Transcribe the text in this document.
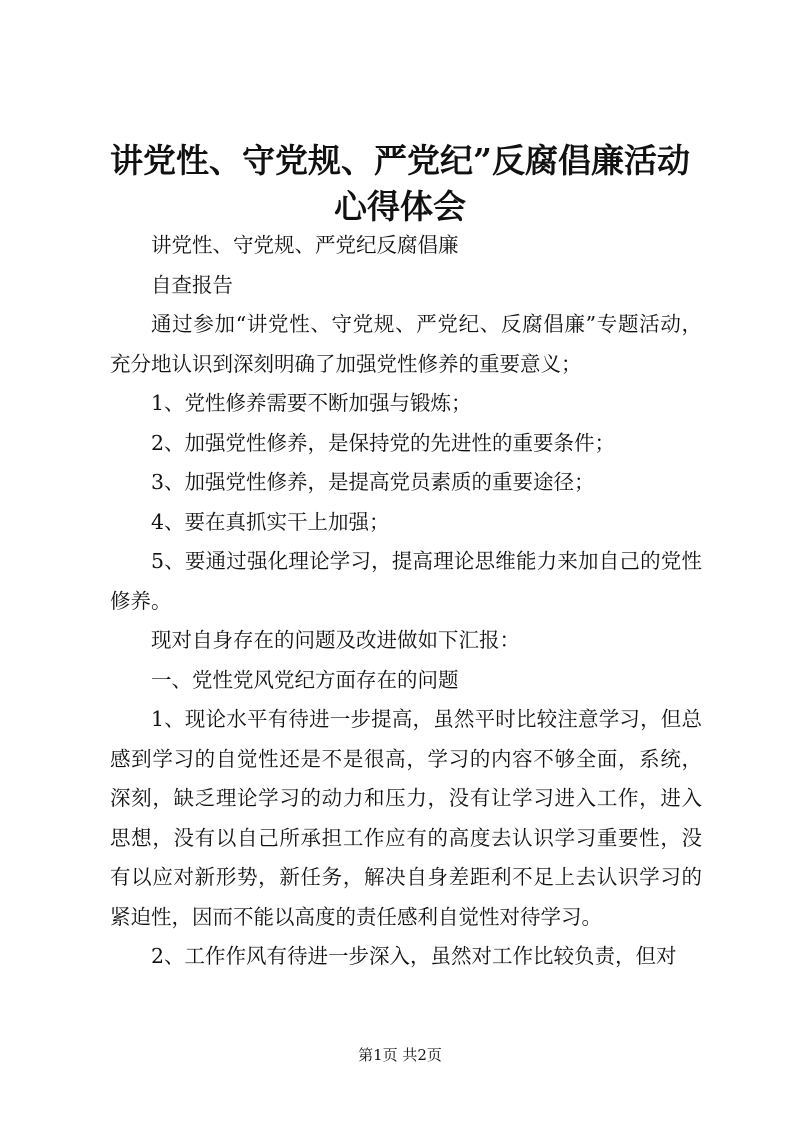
讲党性、守党规、严党纪”反腐倡廉活动心得体会

讲党性、守党规、严党纪反腐倡廉

自查报告

通过参加“讲党性、守党规、严党纪、反腐倡廉”专题活动，充分地认识到深刻明确了加强党性修养的重要意义；

1、党性修养需要不断加强与锻炼；

2、加强党性修养，是保持党的先进性的重要条件；

3、加强党性修养，是提高党员素质的重要途径；

4、要在真抓实干上加强；

5、要通过强化理论学习，提高理论思维能力来加自己的党性修养。

现对自身存在的问题及改进做如下汇报：

一、党性党风党纪方面存在的问题

1、现论水平有待进一步提高，虽然平时比较注意学习，但总感到学习的自觉性还是不是很高，学习的内容不够全面，系统，深刻，缺乏理论学习的动力和压力，没有让学习进入工作，进入思想，没有以自己所承担工作应有的高度去认识学习重要性，没有以应对新形势，新任务，解决自身差距利不足上去认识学习的紧迫性，因而不能以高度的责任感利自觉性对待学习。

2、工作作风有待进一步深入，虽然对工作比较负责，但对

第1页 共2页
